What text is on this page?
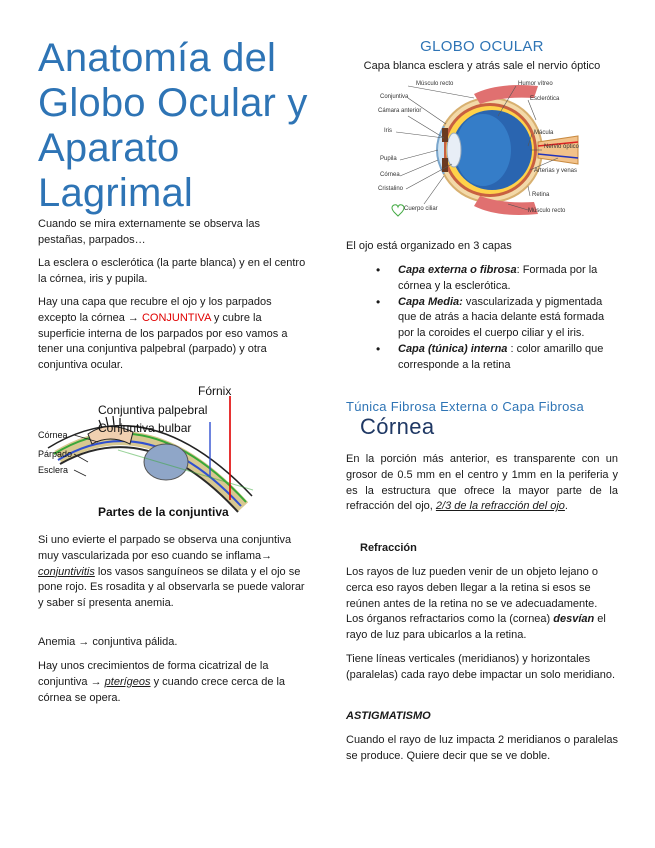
Anatomía del Globo Ocular y Aparato Lagrimal

Cuando se mira externamente se observa las pestañas, parpados…

La esclera o esclerótica (la parte blanca) y en el centro la córnea, iris y pupila.

Hay una capa que recubre el ojo y los parpados excepto la córnea → CONJUNTIVA y cubre la superficie interna de los parpados por eso vamos a tener una conjuntiva palpebral (parpado) y otra conjuntiva ocular.

Fórnix
Conjuntiva palpebral
Conjuntiva bulbar
Córnea
Párpado
Esclera
Partes de la conjuntiva

Si uno evierte el parpado se observa una conjuntiva muy vascularizada por eso cuando se inflama→ conjuntivitis los vasos sanguíneos se dilata y el ojo se pone rojo. Es rosadita y al observarla se puede valorar y saber sí presenta anemia.

Anemia → conjuntiva pálida.

Hay unos crecimientos de forma cicatrizal de la conjuntiva → pterígeos y cuando crece cerca de la córnea se opera.

GLOBO OCULAR
Capa blanca esclera y atrás sale el nervio óptico
Músculo recto
Conjuntiva
Cámara anterior
Iris
Pupila
Córnea
Cristalino
Cuerpo ciliar
Humor vítreo
Esclerótica
Mácula
Nervio óptico
Arterias y venas
Retina
Músculo recto

El ojo está organizado en 3 capas

• Capa externa o fibrosa: Formada por la córnea y la esclerótica.
• Capa Media: vascularizada y pigmentada que de atrás a hacia delante está formada por la coroides el cuerpo ciliar y el iris.
• Capa (túnica) interna : color amarillo que corresponde a la retina
Túnica Fibrosa Externa o Capa Fibrosa
Córnea

En la porción más anterior, es transparente con un grosor de 0.5 mm en el centro y 1mm en la periferia y es la estructura que ofrece la mayor parte de la refracción del ojo, 2/3 de la refracción del ojo.

Refracción

Los rayos de luz pueden venir de un objeto lejano o cerca eso rayos deben llegar a la retina si esos se reúnen antes de la retina no se ve adecuadamente. Los órganos refractarios como la (cornea) desvían el rayo de luz para ubicarlos a la retina.

Tiene líneas verticales (meridianos) y horizontales (paralelas) cada rayo debe impactar un solo meridiano.

ASTIGMATISMO

Cuando el rayo de luz impacta 2 meridianos o paralelas se produce. Quiere decir que se ve doble.
